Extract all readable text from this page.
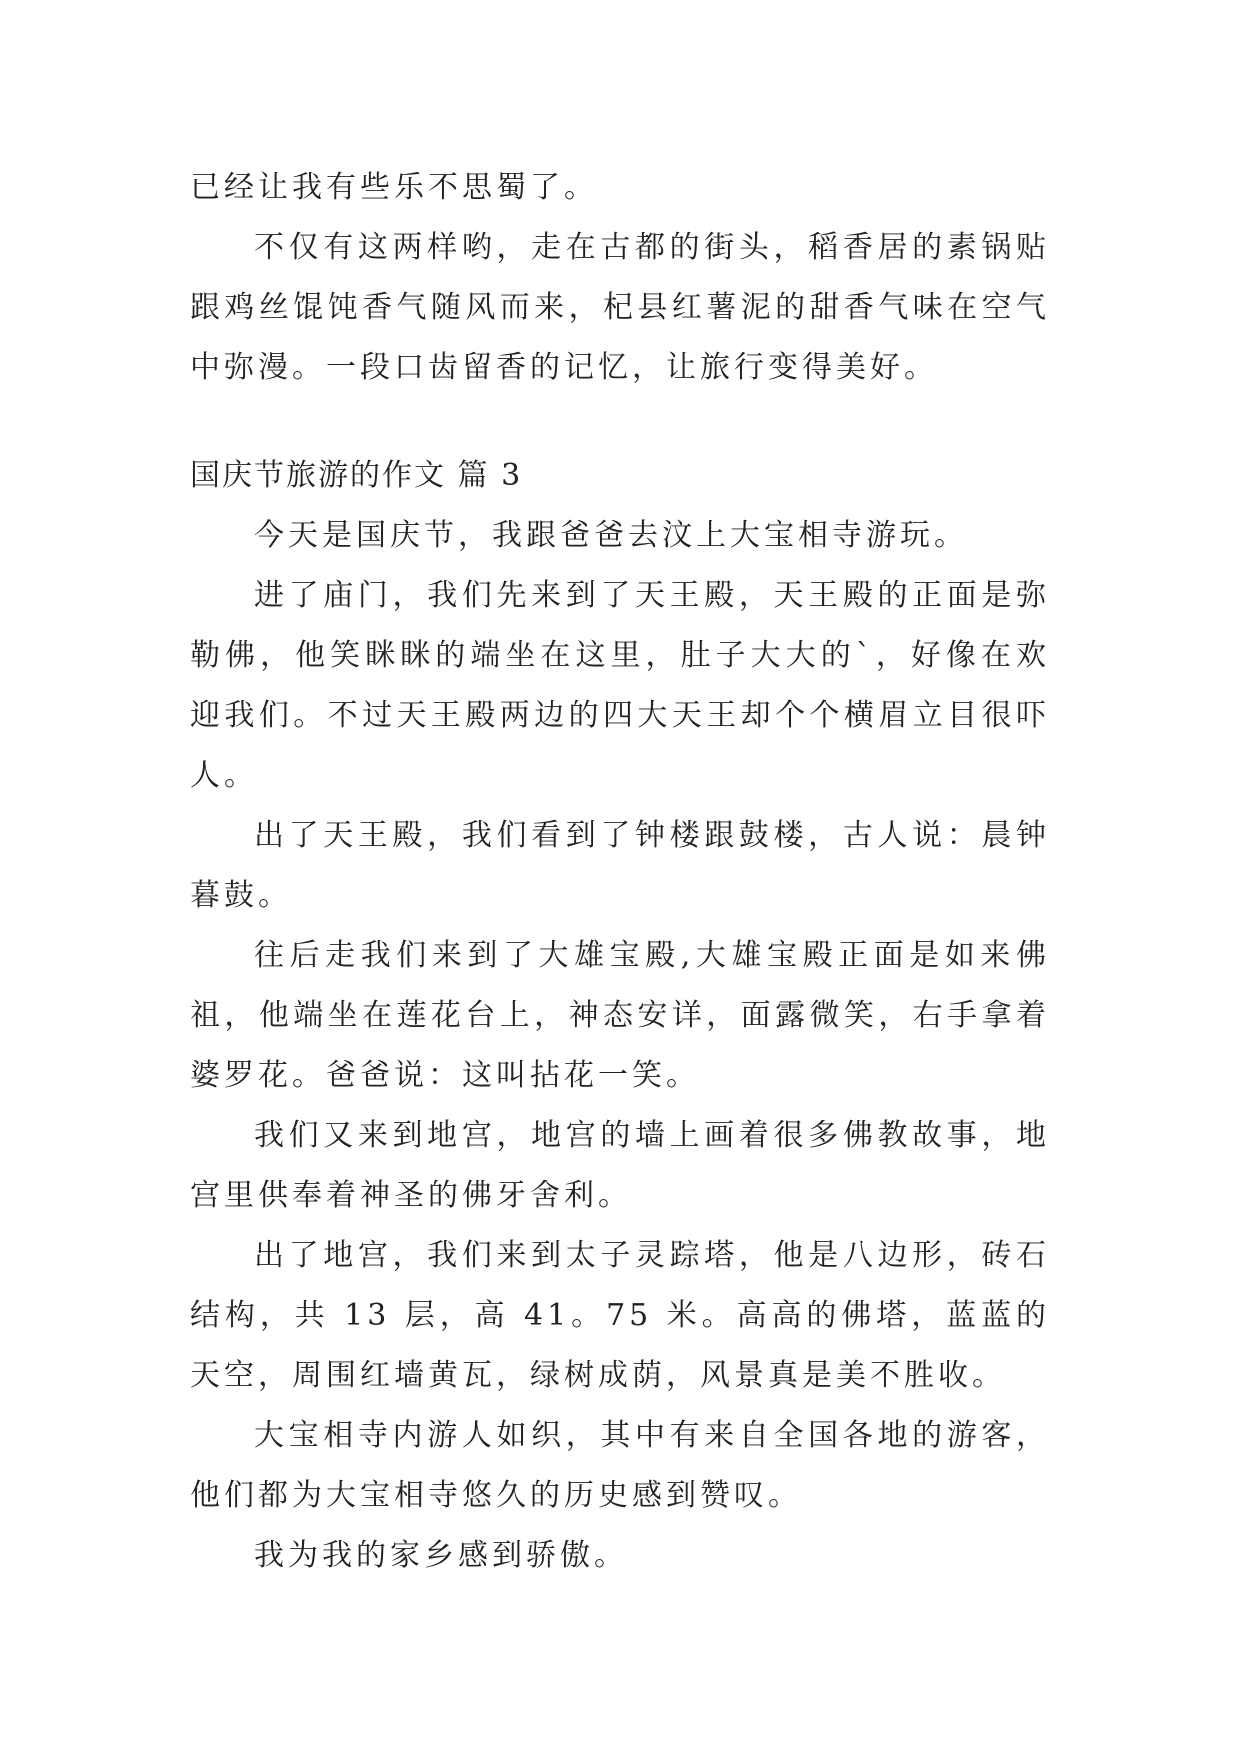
已经让我有些乐不思蜀了。

不仅有这两样哟，走在古都的街头，稻香居的素锅贴跟鸡丝馄饨香气随风而来，杞县红薯泥的甜香气味在空气中弥漫。一段口齿留香的记忆，让旅行变得美好。

国庆节旅游的作文 篇 3

今天是国庆节，我跟爸爸去汶上大宝相寺游玩。

进了庙门，我们先来到了天王殿，天王殿的正面是弥勒佛，他笑眯眯的端坐在这里，肚子大大的`，好像在欢迎我们。不过天王殿两边的四大天王却个个横眉立目很吓人。

出了天王殿，我们看到了钟楼跟鼓楼，古人说：晨钟暮鼓。

往后走我们来到了大雄宝殿,大雄宝殿正面是如来佛祖，他端坐在莲花台上，神态安详，面露微笑，右手拿着婆罗花。爸爸说：这叫拈花一笑。

我们又来到地宫，地宫的墙上画着很多佛教故事，地宫里供奉着神圣的佛牙舍利。

出了地宫，我们来到太子灵踪塔，他是八边形，砖石结构，共 13 层，高 41。75 米。高高的佛塔，蓝蓝的天空，周围红墙黄瓦，绿树成荫，风景真是美不胜收。

大宝相寺内游人如织，其中有来自全国各地的游客，他们都为大宝相寺悠久的历史感到赞叹。

我为我的家乡感到骄傲。
